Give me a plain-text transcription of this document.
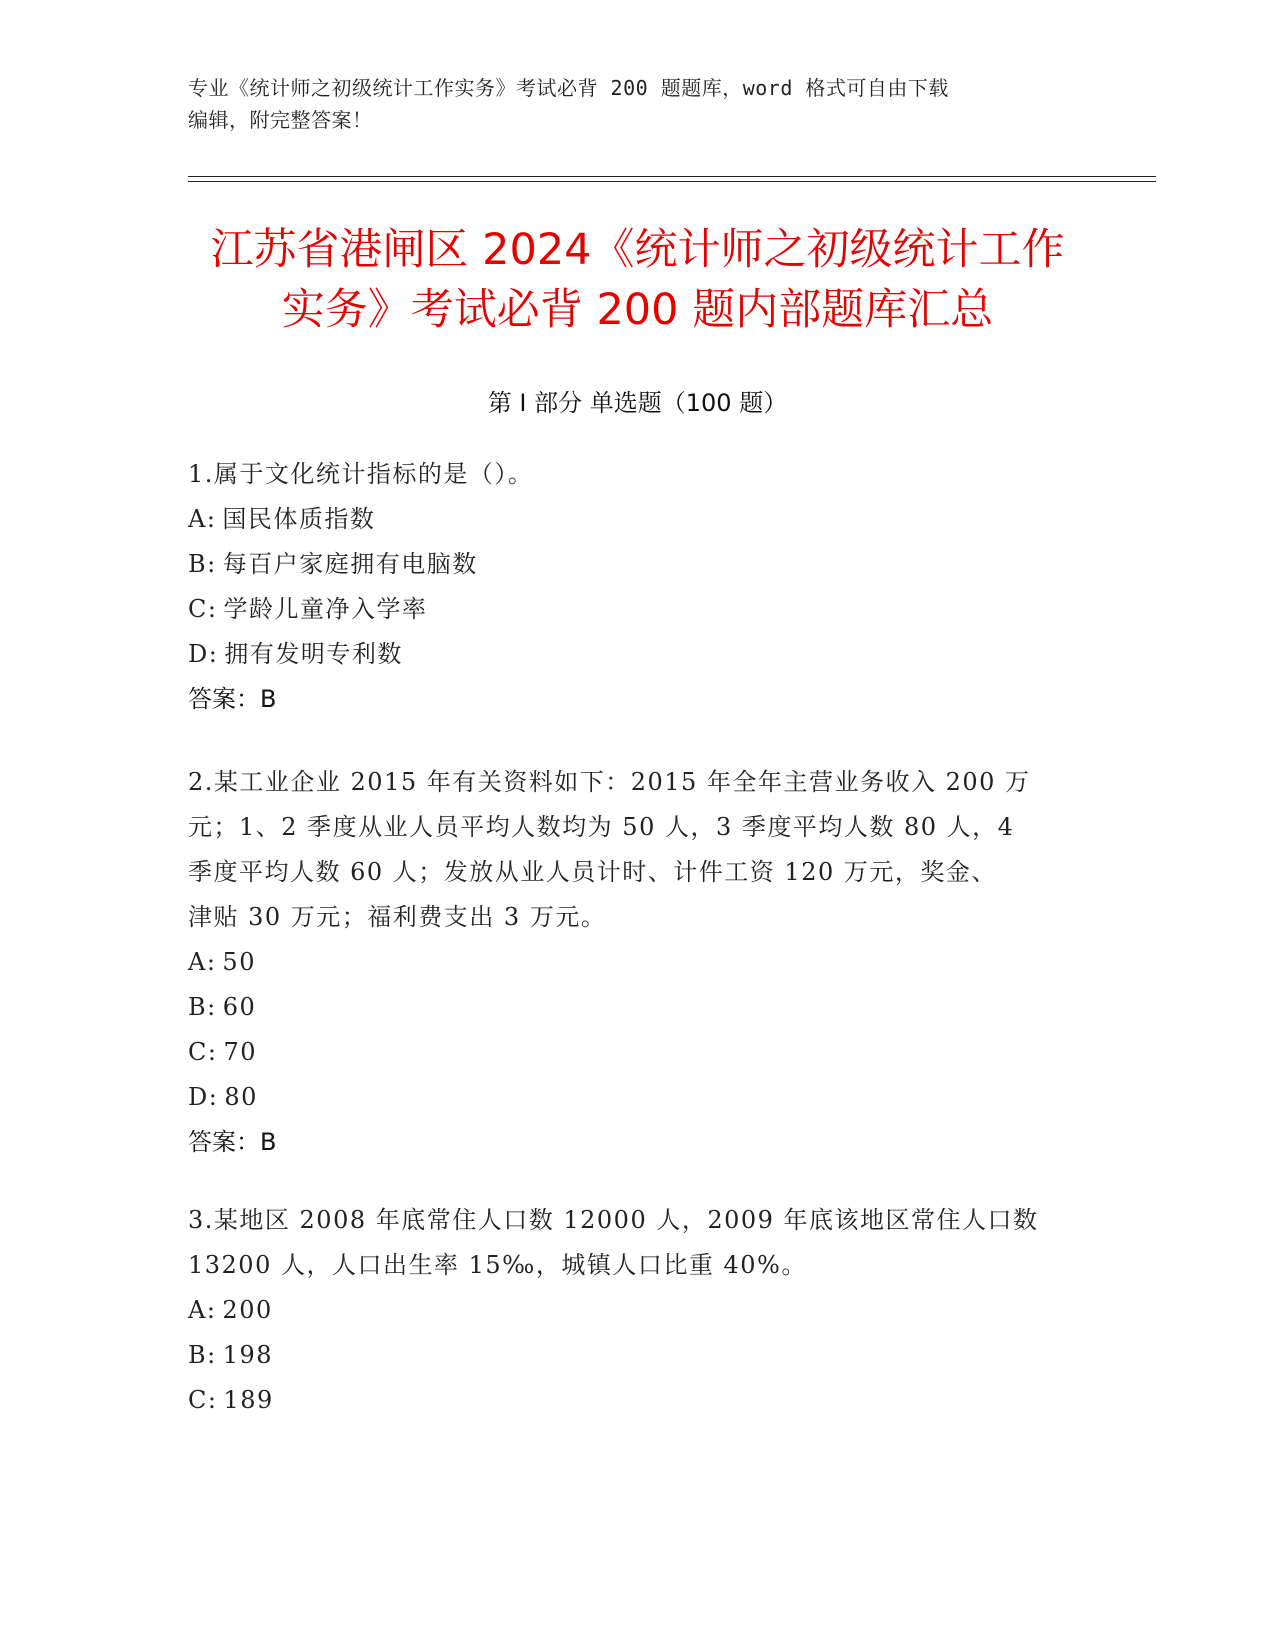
专业《统计师之初级统计工作实务》考试必背 200 题题库，word 格式可自由下载
编辑，附完整答案！
江苏省港闸区 2024《统计师之初级统计工作
实务》考试必背 200 题内部题库汇总
第 I 部分 单选题（100 题）
1.属于文化统计指标的是（）。
A: 国民体质指数
B: 每百户家庭拥有电脑数
C: 学龄儿童净入学率
D: 拥有发明专利数
答案：B
2.某工业企业 2015 年有关资料如下：2015 年全年主营业务收入 200 万
元；1、2 季度从业人员平均人数均为 50 人，3 季度平均人数 80 人，4
季度平均人数 60 人；发放从业人员计时、计件工资 120 万元，奖金、
津贴 30 万元；福利费支出 3 万元。
A: 50
B: 60
C: 70
D: 80
答案：B
3.某地区 2008 年底常住人口数 12000 人，2009 年底该地区常住人口数
13200 人，人口出生率 15‰，城镇人口比重 40%。
A: 200
B: 198
C: 189
